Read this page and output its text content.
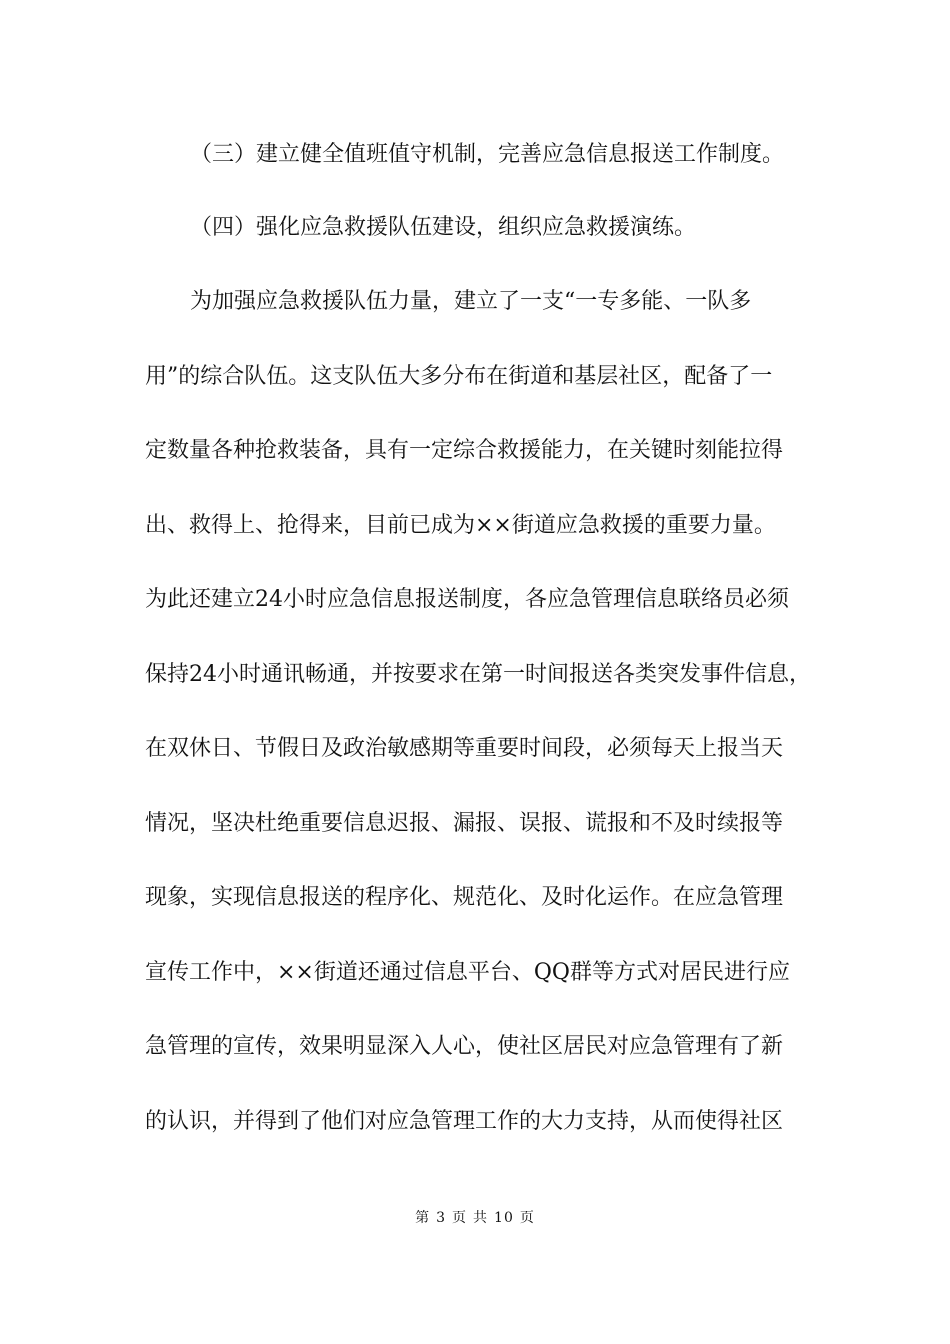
（三）建立健全值班值守机制，完善应急信息报送工作制度。
（四）强化应急救援队伍建设，组织应急救援演练。
为加强应急救援队伍力量，建立了一支“一专多能、一队多
用”的综合队伍。这支队伍大多分布在街道和基层社区，配备了一
定数量各种抢救装备，具有一定综合救援能力，在关键时刻能拉得
出、救得上、抢得来，目前已成为××街道应急救援的重要力量。
为此还建立24小时应急信息报送制度，各应急管理信息联络员必须
保持24小时通讯畅通，并按要求在第一时间报送各类突发事件信息，
在双休日、节假日及政治敏感期等重要时间段，必须每天上报当天
情况，坚决杜绝重要信息迟报、漏报、误报、谎报和不及时续报等
现象，实现信息报送的程序化、规范化、及时化运作。在应急管理
宣传工作中，××街道还通过信息平台、QQ群等方式对居民进行应
急管理的宣传，效果明显深入人心，使社区居民对应急管理有了新
的认识，并得到了他们对应急管理工作的大力支持，从而使得社区
第 3 页 共 10 页
